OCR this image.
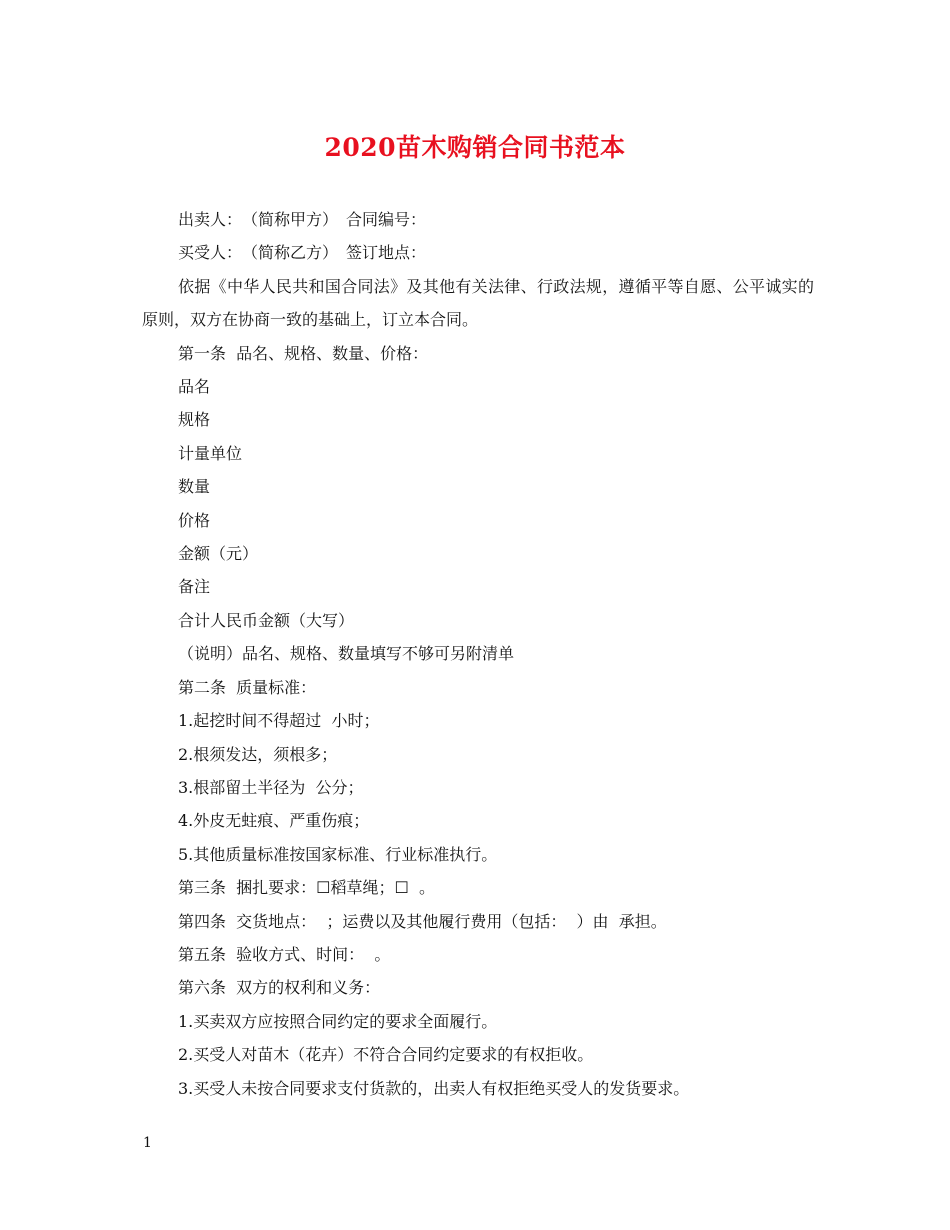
2020苗木购销合同书范本

出卖人：　（简称甲方）　合同编号：

买受人：　（简称乙方）　签订地点：

依据《中华人民共和国合同法》及其他有关法律、行政法规，遵循平等自愿、公平诚实的原则，双方在协商一致的基础上，订立本合同。

第一条  品名、规格、数量、价格：

品名

规格

计量单位

数量

价格

金额（元）

备注

合计人民币金额（大写）

（说明）品名、规格、数量填写不够可另附清单

第二条  质量标准：

1.起挖时间不得超过  小时；

2.根须发达，须根多；

3.根部留土半径为  公分；

4.外皮无蛀痕、严重伤痕；

5.其他质量标准按国家标准、行业标准执行。

第三条  捆扎要求：☐稻草绳；☐  。

第四条  交货地点：  ；运费以及其他履行费用（包括：  ）由  承担。

第五条  验收方式、时间：  。

第六条  双方的权利和义务：

1.买卖双方应按照合同约定的要求全面履行。

2.买受人对苗木（花卉）不符合合同约定要求的有权拒收。

3.买受人未按合同要求支付货款的，出卖人有权拒绝买受人的发货要求。

1
